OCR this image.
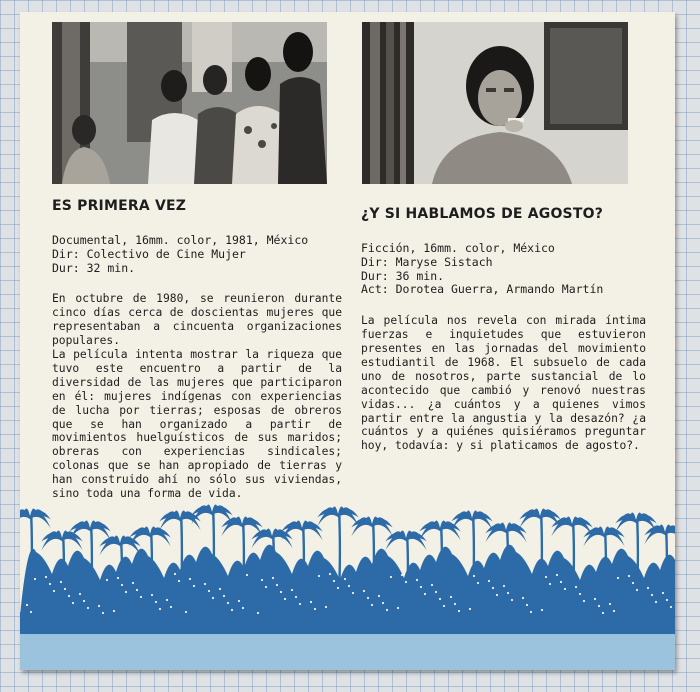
ES PRIMERA VEZ
Documental, 16mm. color, 1981, México
Dir: Colectivo de Cine Mujer
Dur: 32 min.

En octubre de 1980, se reunieron durante cinco días cerca de doscientas mujeres que representaban a cincuenta organizaciones populares.

La película intenta mostrar la riqueza que tuvo este encuentro a partir de la diversidad de las mujeres que participaron en él: mujeres indígenas con experiencias de lucha por tierras; esposas de obreros que se han organizado a partir de movimientos huelguísticos de sus maridos; obreras con experiencias sindicales; colonas que se han apropiado de tierras y han construido ahí no sólo sus viviendas, sino toda una forma de vida.

¿Y SI HABLAMOS DE AGOSTO?
Ficción, 16mm. color, México
Dir: Maryse Sistach
Dur: 36 min.
Act: Dorotea Guerra, Armando Martín

La película nos revela con mirada íntima fuerzas e inquietudes que estuvieron presentes en las jornadas del movimiento estudiantil de 1968. El subsuelo de cada uno de nosotros, parte sustancial de lo acontecido que cambió y renovó nuestras vidas... ¿a cuántos y a quienes vimos partir entre la angustia y la desazón? ¿a cuántos y a quiénes quisiéramos preguntar hoy, todavía: y si platicamos de agosto?.
